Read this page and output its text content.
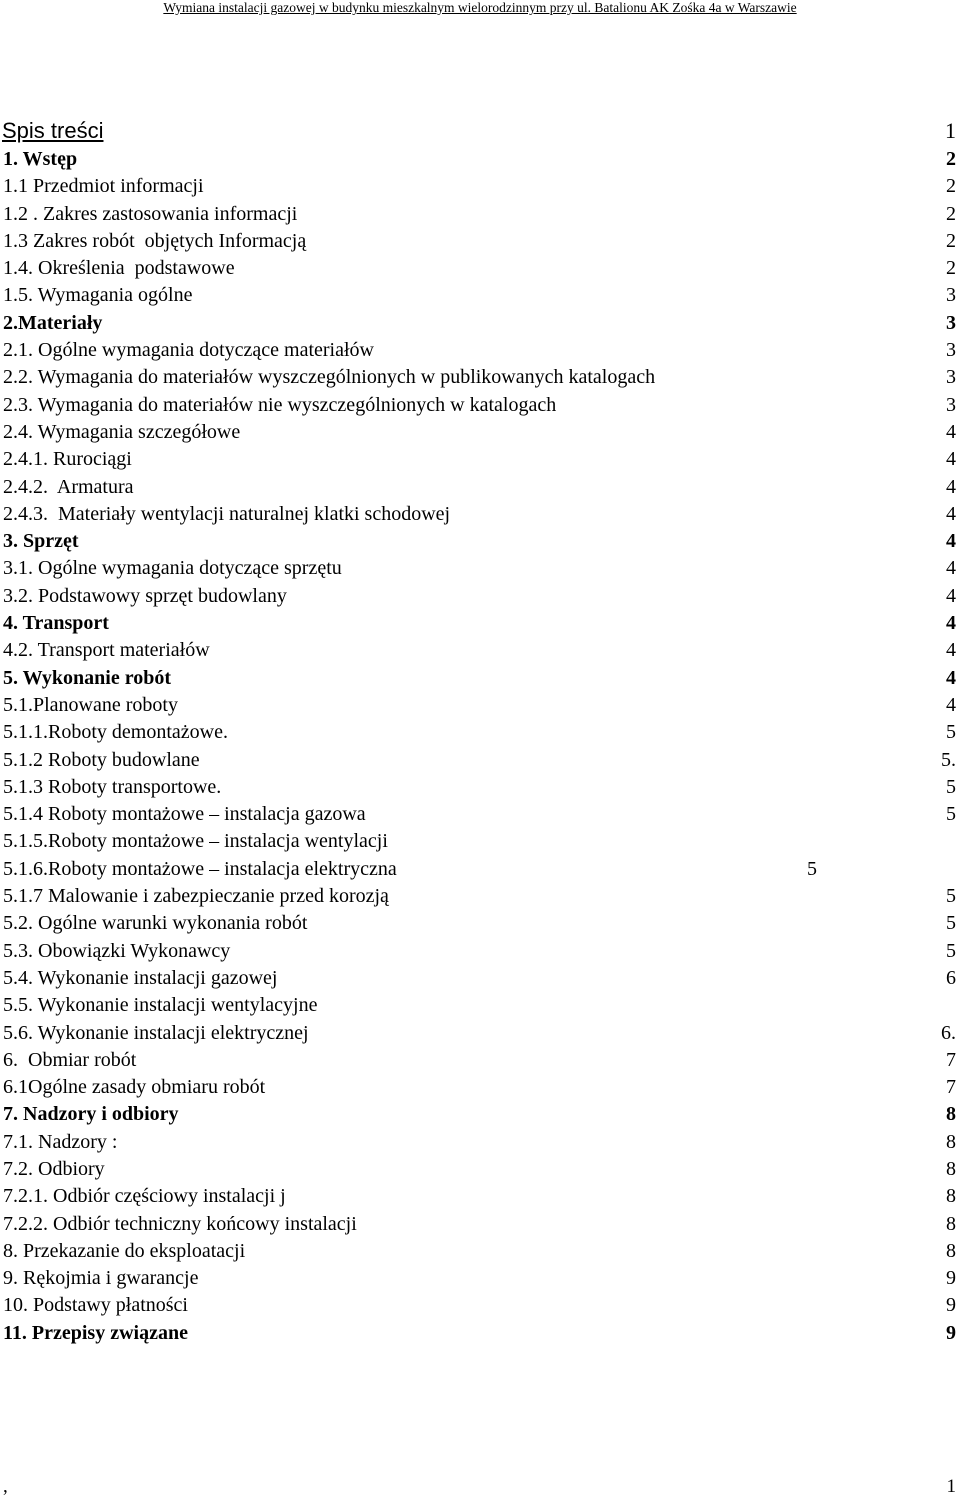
Wymiana instalacji gazowej w budynku mieszkalnym wielorodzinnym przy ul. Batalionu AK Zośka 4a w Warszawie
Spis treści	1
1. Wstęp	2
1.1 Przedmiot informacji	2
1.2 . Zakres zastosowania informacji	2
1.3 Zakres robót  objętych Informacją	2
1.4. Określenia  podstawowe	2
1.5. Wymagania ogólne	3
2.Materiały	3
2.1. Ogólne wymagania dotyczące materiałów	3
2.2. Wymagania do materiałów wyszczególnionych w publikowanych katalogach	3
2.3. Wymagania do materiałów nie wyszczególnionych w katalogach	3
2.4. Wymagania szczegółowe	4
2.4.1. Rurociągi	4
2.4.2.  Armatura	4
2.4.3.  Materiały wentylacji naturalnej klatki schodowej	4
3. Sprzęt	4
3.1. Ogólne wymagania dotyczące sprzętu	4
3.2. Podstawowy sprzęt budowlany	4
4. Transport	4
4.2. Transport materiałów	4
5. Wykonanie robót	4
5.1.Planowane roboty	4
5.1.1.Roboty demontażowe.	5
5.1.2 Roboty budowlane	5.
5.1.3 Roboty transportowe.	5
5.1.4 Roboty montażowe – instalacja gazowa	5
5.1.5.Roboty montażowe – instalacja wentylacji
5.1.6.Roboty montażowe – instalacja elektryczna	5
5.1.7 Malowanie i zabezpieczanie przed korozją	5
5.2. Ogólne warunki wykonania robót	5
5.3. Obowiązki Wykonawcy	5
5.4. Wykonanie instalacji gazowej	6
5.5. Wykonanie instalacji wentylacyjne
5.6. Wykonanie instalacji elektrycznej	6.
6.  Obmiar robót	7
6.1Ogólne zasady obmiaru robót	7
7. Nadzory i odbiory	8
7.1. Nadzory :	8
7.2. Odbiory	8
7.2.1. Odbiór częściowy instalacji j	8
7.2.2. Odbiór techniczny końcowy instalacji	8
8. Przekazanie do eksploatacji	8
9. Rękojmia i gwarancje	9
10. Podstawy płatności	9
11. Przepisy związane	9
,	1
